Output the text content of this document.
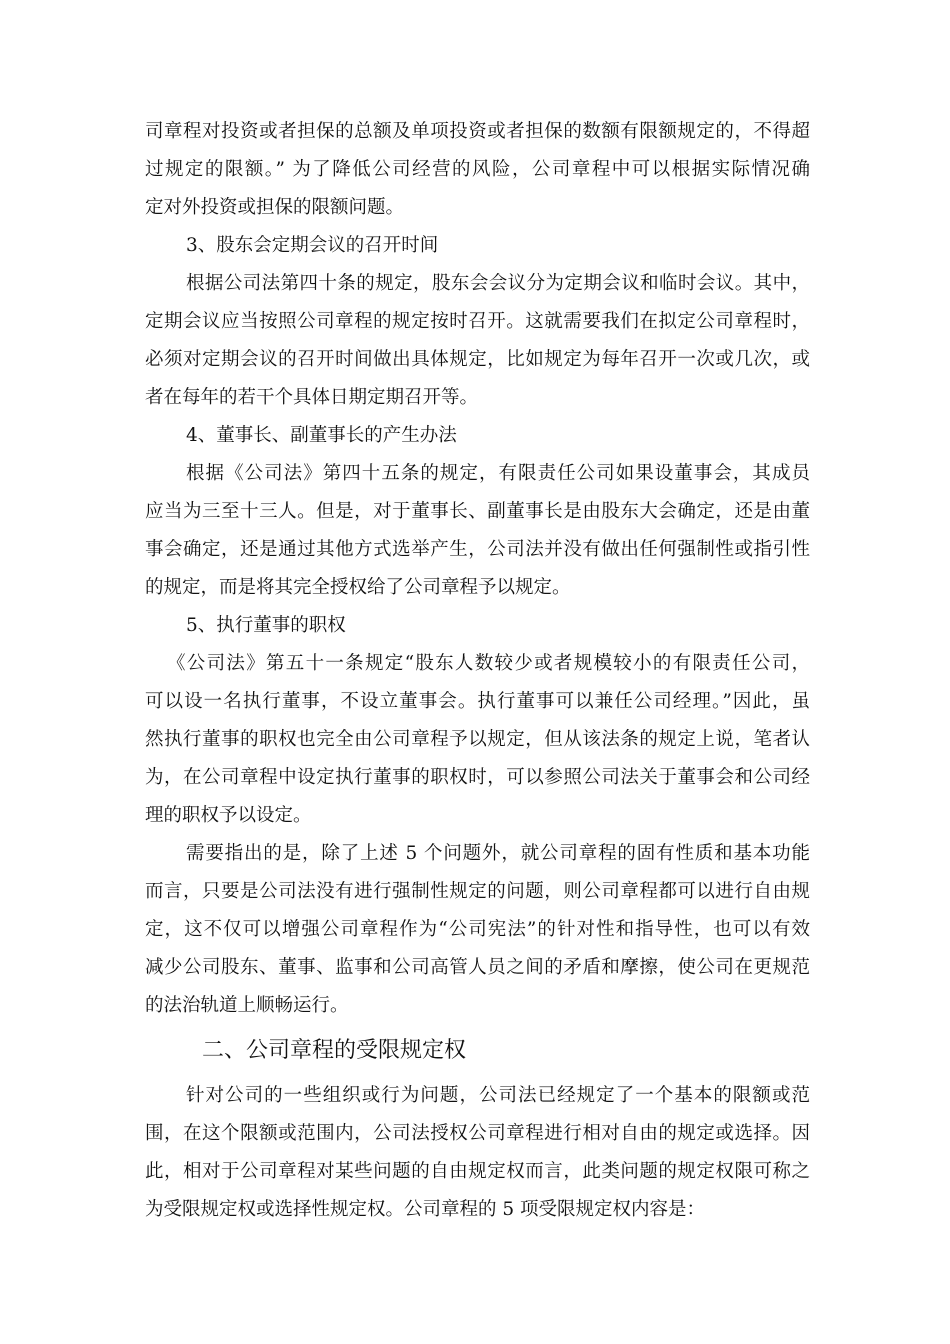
司章程对投资或者担保的总额及单项投资或者担保的数额有限额规定的，不得超
过规定的限额。” 为了降低公司经营的风险，公司章程中可以根据实际情况确
定对外投资或担保的限额问题。
3、股东会定期会议的召开时间
根据公司法第四十条的规定，股东会会议分为定期会议和临时会议。其中，
定期会议应当按照公司章程的规定按时召开。这就需要我们在拟定公司章程时，
必须对定期会议的召开时间做出具体规定，比如规定为每年召开一次或几次，或
者在每年的若干个具体日期定期召开等。
4、董事长、副董事长的产生办法
根据《公司法》第四十五条的规定，有限责任公司如果设董事会，其成员
应当为三至十三人。但是，对于董事长、副董事长是由股东大会确定，还是由董
事会确定，还是通过其他方式选举产生，公司法并没有做出任何强制性或指引性
的规定，而是将其完全授权给了公司章程予以规定。
5、执行董事的职权
《公司法》第五十一条规定“股东人数较少或者规模较小的有限责任公司，
可以设一名执行董事，不设立董事会。执行董事可以兼任公司经理。”因此，虽
然执行董事的职权也完全由公司章程予以规定，但从该法条的规定上说，笔者认
为，在公司章程中设定执行董事的职权时，可以参照公司法关于董事会和公司经
理的职权予以设定。
需要指出的是，除了上述 5 个问题外，就公司章程的固有性质和基本功能
而言，只要是公司法没有进行强制性规定的问题，则公司章程都可以进行自由规
定，这不仅可以增强公司章程作为“公司宪法”的针对性和指导性，也可以有效
减少公司股东、董事、监事和公司高管人员之间的矛盾和摩擦，使公司在更规范
的法治轨道上顺畅运行。
二、公司章程的受限规定权
针对公司的一些组织或行为问题，公司法已经规定了一个基本的限额或范
围，在这个限额或范围内，公司法授权公司章程进行相对自由的规定或选择。因
此，相对于公司章程对某些问题的自由规定权而言，此类问题的规定权限可称之
为受限规定权或选择性规定权。公司章程的 5 项受限规定权内容是：
